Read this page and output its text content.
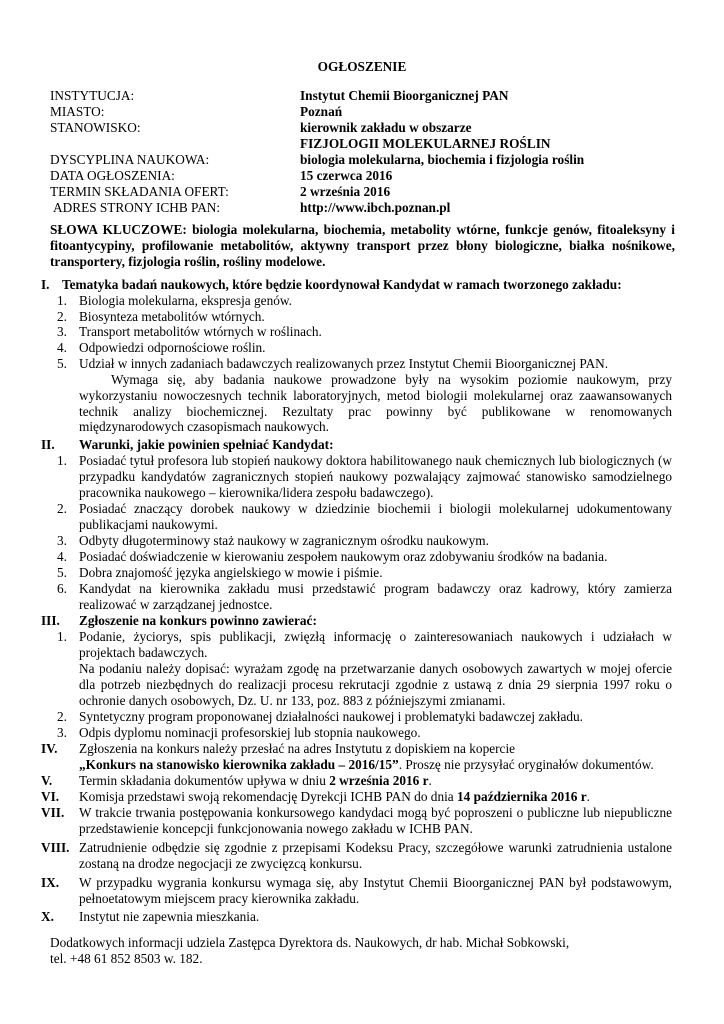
OGŁOSZENIE
INSTYTUCJA:	Instytut Chemii Bioorganicznej PAN
MIASTO:	Poznań
STANOWISKO:	kierownik zakładu w obszarze
FIZJOLOGII MOLEKULARNEJ ROŚLIN
DYSCYPLINA NAUKOWA:	biologia molekularna, biochemia i fizjologia roślin
DATA OGŁOSZENIA:	15 czerwca 2016
TERMIN SKŁADANIA OFERT:	2 września 2016
ADRES STRONY ICHB PAN:	http://www.ibch.poznan.pl
SŁOWA KLUCZOWE: biologia molekularna, biochemia, metabolity wtórne, funkcje genów, fitoaleksyny i fitoantycypiny, profilowanie metabolitów, aktywny transport przez błony biologiczne, białka nośnikowe, transportery, fizjologia roślin, rośliny modelowe.
I. Tematyka badań naukowych, które będzie koordynował Kandydat w ramach tworzonego zakładu:
1. Biologia molekularna, ekspresja genów.
2. Biosynteza metabolitów wtórnych.
3. Transport metabolitów wtórnych w roślinach.
4. Odpowiedzi odpornościowe roślin.
5. Udział w innych zadaniach badawczych realizowanych przez Instytut Chemii Bioorganicznej PAN.
Wymaga się, aby badania naukowe prowadzone były na wysokim poziomie naukowym, przy wykorzystaniu nowoczesnych technik laboratoryjnych, metod biologii molekularnej oraz zaawansowanych technik analizy biochemicznej. Rezultaty prac powinny być publikowane w renomowanych międzynarodowych czasopismach naukowych.
II. Warunki, jakie powinien spełniać Kandydat:
1. Posiadać tytuł profesora lub stopień naukowy doktora habilitowanego nauk chemicznych lub biologicznych (w przypadku kandydatów zagranicznych stopień naukowy pozwalający zajmować stanowisko samodzielnego pracownika naukowego – kierownika/lidera zespołu badawczego).
2. Posiadać znaczący dorobek naukowy w dziedzinie biochemii i biologii molekularnej udokumentowany publikacjami naukowymi.
3. Odbyty długoterminowy staż naukowy w zagranicznym ośrodku naukowym.
4. Posiadać doświadczenie w kierowaniu zespołem naukowym oraz zdobywaniu środków na badania.
5. Dobra znajomość języka angielskiego w mowie i piśmie.
6. Kandydat na kierownika zakładu musi przedstawić program badawczy oraz kadrowy, który zamierza realizować w zarządzanej jednostce.
III. Zgłoszenie na konkurs powinno zawierać:
1. Podanie, życiorys, spis publikacji, zwięzłą informację o zainteresowaniach naukowych i udziałach w projektach badawczych.
Na podaniu należy dopisać: wyrażam zgodę na przetwarzanie danych osobowych zawartych w mojej ofercie dla potrzeb niezbędnych do realizacji procesu rekrutacji zgodnie z ustawą z dnia 29 sierpnia 1997 roku o ochronie danych osobowych, Dz. U. nr 133, poz. 883 z późniejszymi zmianami.
2. Syntetyczny program proponowanej działalności naukowej i problematyki badawczej zakładu.
3. Odpis dyplomu nominacji profesorskiej lub stopnia naukowego.
IV. Zgłoszenia na konkurs należy przesłać na adres Instytutu z dopiskiem na kopercie
„Konkurs na stanowisko kierownika zakładu – 2016/15”. Proszę nie przysyłać oryginałów dokumentów.
V. Termin składania dokumentów upływa w dniu 2 września 2016 r.
VI. Komisja przedstawi swoją rekomendację Dyrekcji ICHB PAN do dnia 14 października 2016 r.
VII. W trakcie trwania postępowania konkursowego kandydaci mogą być poproszeni o publiczne lub niepubliczne przedstawienie koncepcji funkcjonowania nowego zakładu w ICHB PAN.
VIII. Zatrudnienie odbędzie się zgodnie z przepisami Kodeksu Pracy, szczegółowe warunki zatrudnienia ustalone zostaną na drodze negocjacji ze zwycięzcą konkursu.
IX. W przypadku wygrania konkursu wymaga się, aby Instytut Chemii Bioorganicznej PAN był podstawowym, pełnoetatowym miejscem pracy kierownika zakładu.
X. Instytut nie zapewnia mieszkania.
Dodatkowych informacji udziela Zastępca Dyrektora ds. Naukowych, dr hab. Michał Sobkowski,
tel. +48 61 852 8503 w. 182.
